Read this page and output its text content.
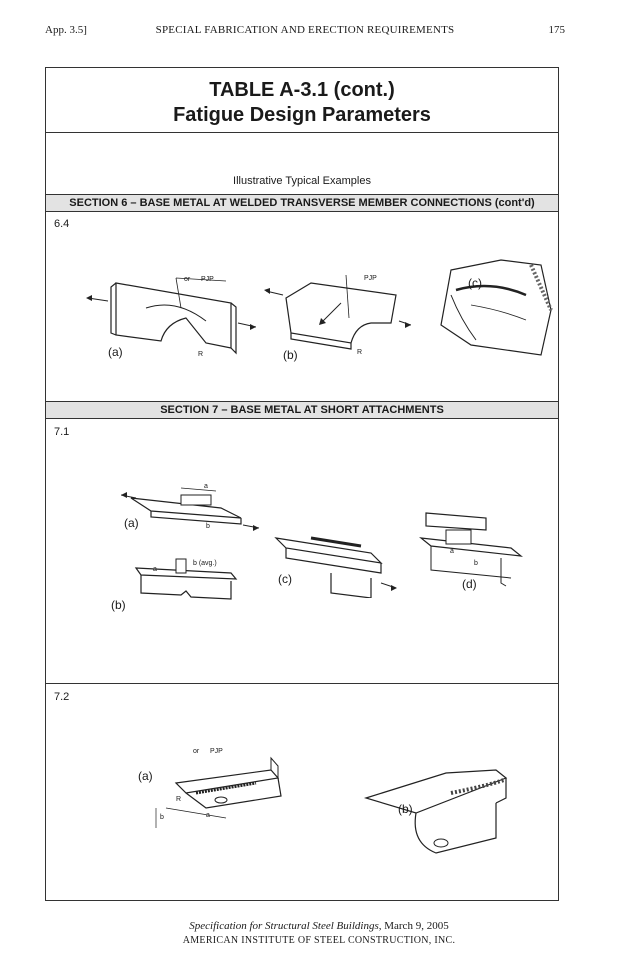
App. 3.5]	SPECIAL FABRICATION AND ERECTION REQUIREMENTS	175
TABLE A-3.1 (cont.)
Fatigue Design Parameters
Illustrative Typical Examples
SECTION 6 – BASE METAL AT WELDED TRANSVERSE MEMBER CONNECTIONS (cont'd)
6.4
(a)
or PJP
R	(b)
PJP
R
(c)
SECTION 7 – BASE METAL AT SHORT ATTACHMENTS
7.1
(a)
a
b
(b)
b (avg.)
a
(c)	(d)
a
b
7.2
(a)
or PJP
R
a
b
(b)
Specification for Structural Steel Buildings, March 9, 2005
AMERICAN INSTITUTE OF STEEL CONSTRUCTION, INC.
